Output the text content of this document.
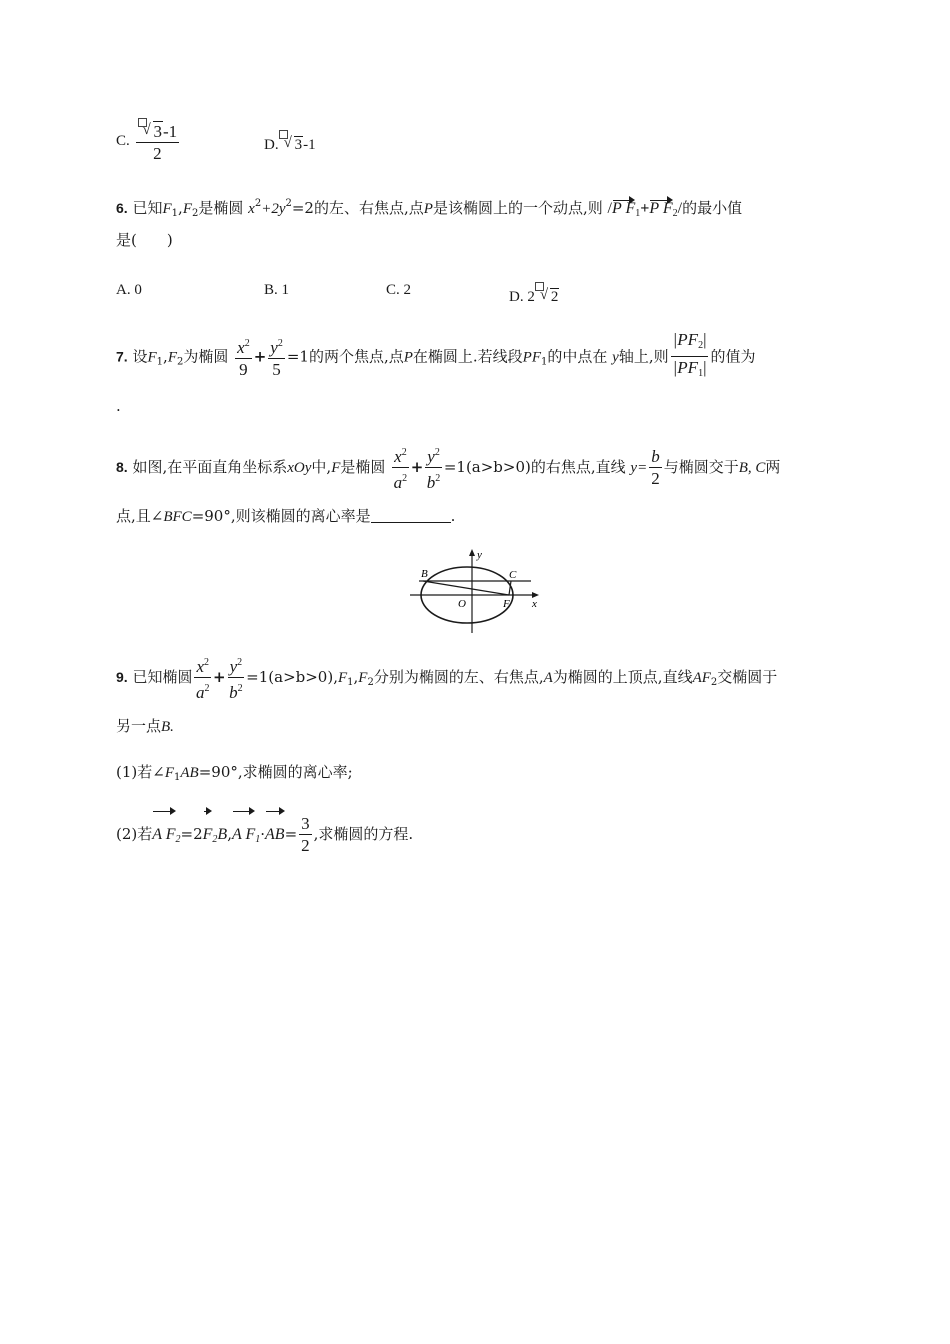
C. $\frac{√ 3-1}{2}$	D. √ 3-1
6. 已知$F_1,F_2$是椭圆 $x^2+2y^2=2$的左、右焦点,点P是该椭圆上的一个动点,则 /P $F_1+P$ $F_2/$的最小值
是(　　)
A. 0	B. 1	C. 2	D. 2 √ 2
7. 设$F_1,F_2$为椭圆 $\frac{x^2}{9} + \frac{y^2}{5} =1$的两个焦点,点P在椭圆上.若线段$PF_1$的中点在 y轴上,则 $\frac{|PF_2|}{|PF_1|}$ 的值为
.
8. 如图,在平面直角坐标系xOy中,F是椭圆 $\frac{x^2}{a^2} + \frac{y^2}{b^2} =1(a>b>0)$的右焦点,直线 $y= \frac{b}{2}$ 与椭圆交于B, C两
点,且∠BFC=90°,则该椭圆的离心率是	.
B	C
O	F x
y
9. 已知椭圆 $\frac{x^2}{a^2} + \frac{y^2}{b^2} =1(a>b>0),F_1,F_2$分别为椭圆的左、右焦点,A为椭圆的上顶点,直线$AF_2$交椭圆于
另一点B.
(1)若$\angle F_1AB=90^\circ$,求椭圆的离心率;
(2)若A $F_2=2F_2B,A$ $F_1\cdot AB= \frac{3}{2}$ ,求椭圆的方程.
